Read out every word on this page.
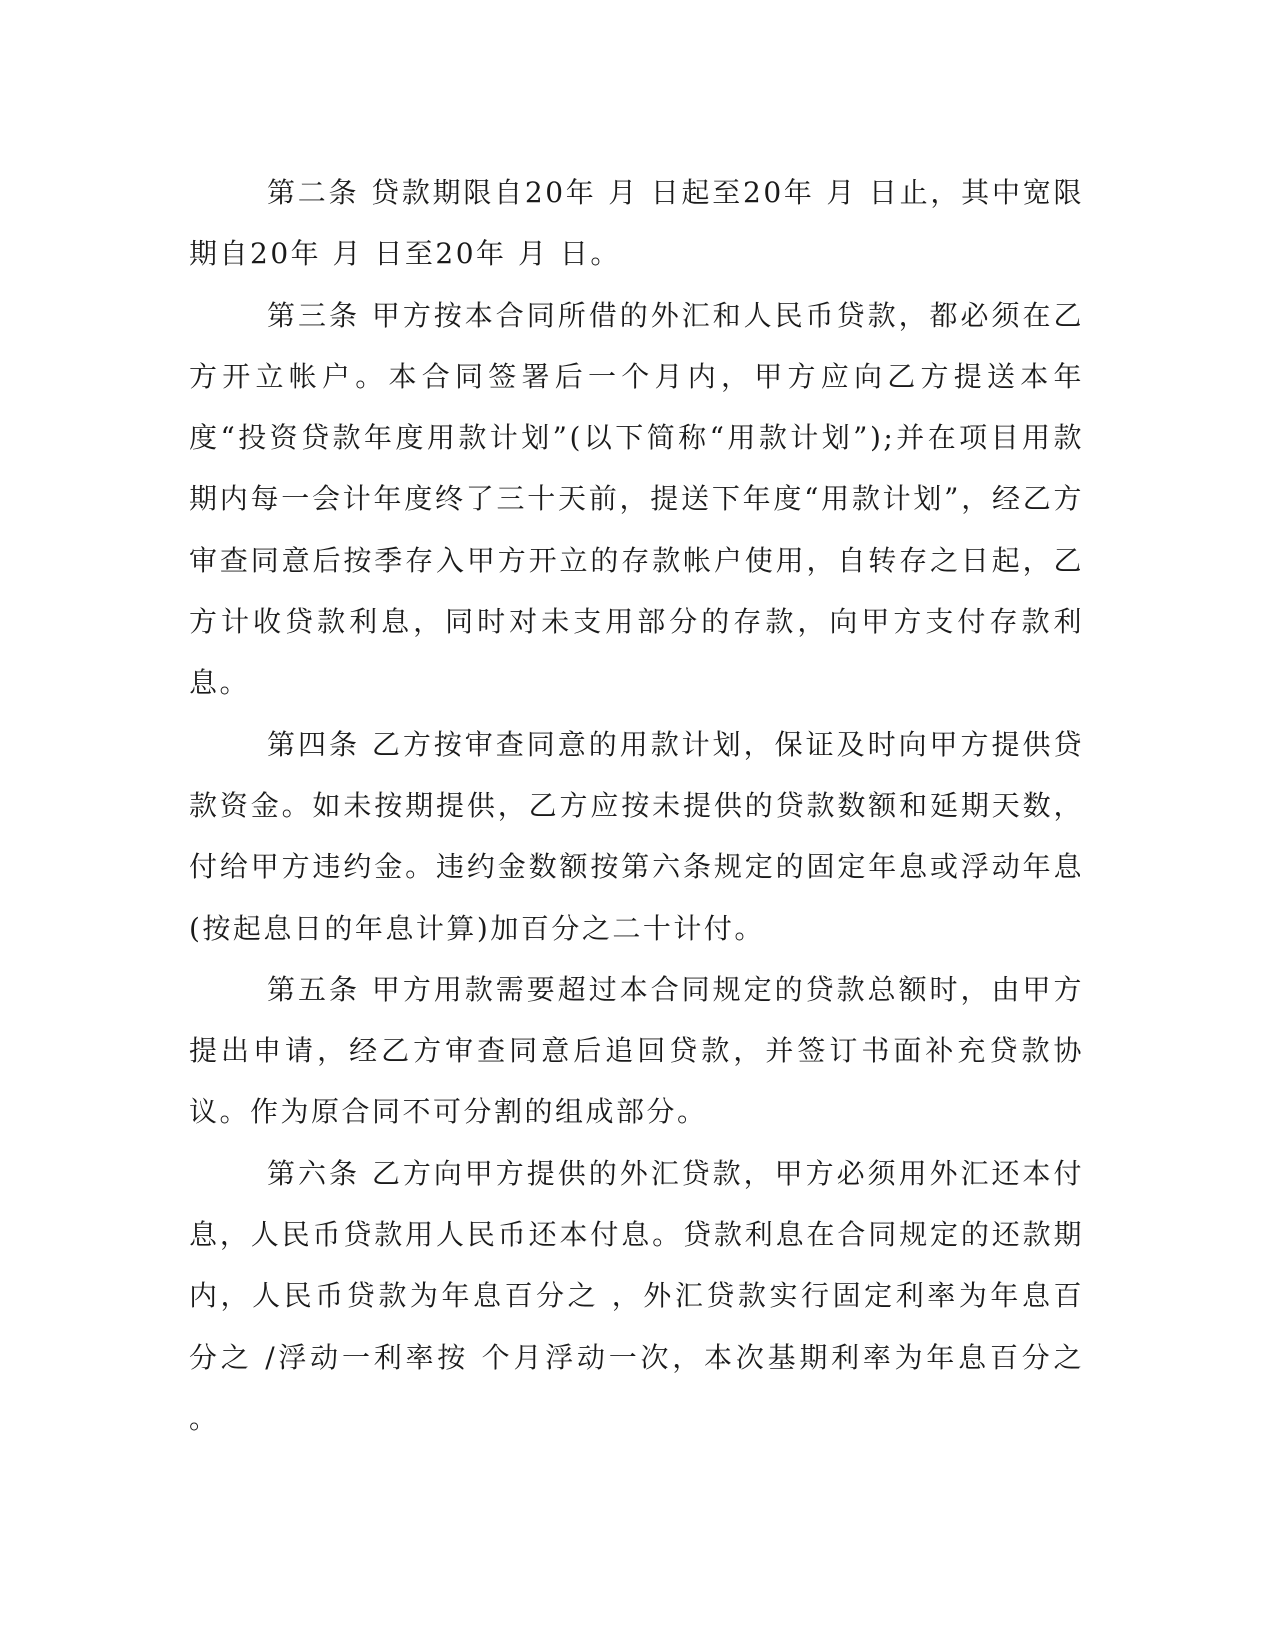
第二条 贷款期限自20年 月 日起至20年 月 日止，其中宽限期自20年 月 日至20年 月 日。

第三条 甲方按本合同所借的外汇和人民币贷款，都必须在乙方开立帐户。本合同签署后一个月内，甲方应向乙方提送本年度“投资贷款年度用款计划”(以下简称“用款计划”);并在项目用款期内每一会计年度终了三十天前，提送下年度“用款计划”，经乙方审查同意后按季存入甲方开立的存款帐户使用，自转存之日起，乙方计收贷款利息，同时对未支用部分的存款，向甲方支付存款利息。

第四条 乙方按审查同意的用款计划，保证及时向甲方提供贷款资金。如未按期提供，乙方应按未提供的贷款数额和延期天数，付给甲方违约金。违约金数额按第六条规定的固定年息或浮动年息(按起息日的年息计算)加百分之二十计付。

第五条 甲方用款需要超过本合同规定的贷款总额时，由甲方提出申请，经乙方审查同意后追回贷款，并签订书面补充贷款协议。作为原合同不可分割的组成部分。

第六条 乙方向甲方提供的外汇贷款，甲方必须用外汇还本付息，人民币贷款用人民币还本付息。贷款利息在合同规定的还款期内，人民币贷款为年息百分之 ，外汇贷款实行固定利率为年息百分之 /浮动一利率按 个月浮动一次，本次基期利率为年息百分之 。
